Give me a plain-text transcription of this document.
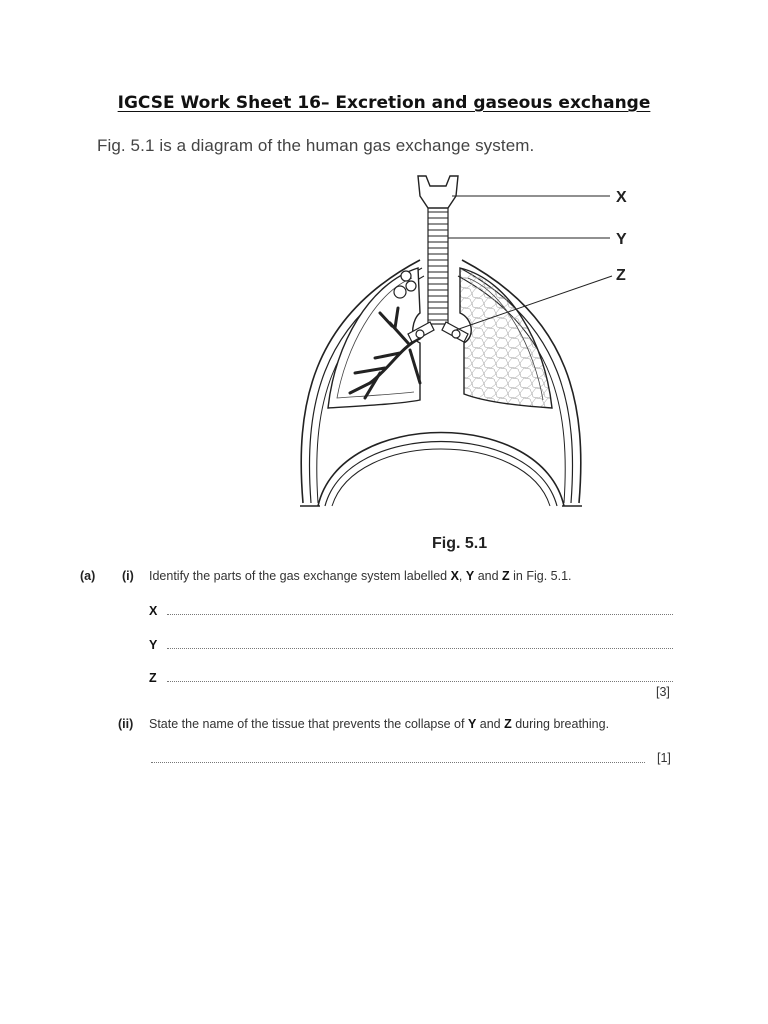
IGCSE Work Sheet 16– Excretion and gaseous exchange
Fig. 5.1 is a diagram of the human gas exchange system.
X
Y
Z
Fig. 5.1
(a) (i) Identify the parts of the gas exchange system labelled X, Y and Z in Fig. 5.1.
X
Y
Z
[3]
(ii) State the name of the tissue that prevents the collapse of Y and Z during breathing.
[1]
